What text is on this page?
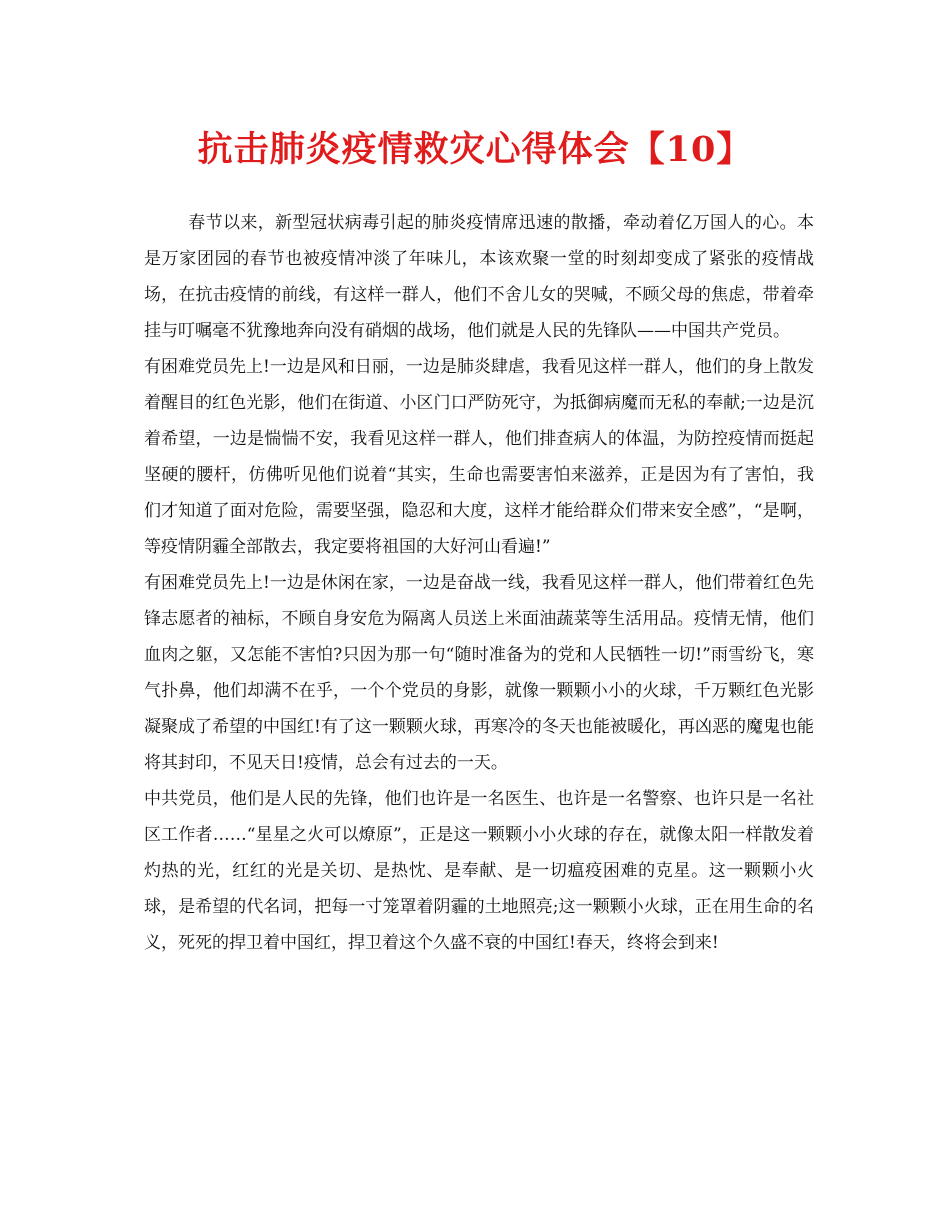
抗击肺炎疫情救灾心得体会【10】

春节以来，新型冠状病毒引起的肺炎疫情席迅速的散播，牵动着亿万国人的心。本是万家团园的春节也被疫情冲淡了年味儿，本该欢聚一堂的时刻却变成了紧张的疫情战场，在抗击疫情的前线，有这样一群人，他们不舍儿女的哭喊，不顾父母的焦虑，带着牵挂与叮嘱毫不犹豫地奔向没有硝烟的战场，他们就是人民的先锋队——中国共产党员。

有困难党员先上!一边是风和日丽，一边是肺炎肆虐，我看见这样一群人，他们的身上散发着醒目的红色光影，他们在街道、小区门口严防死守，为抵御病魔而无私的奉献;一边是沉着希望，一边是惴惴不安，我看见这样一群人，他们排查病人的体温，为防控疫情而挺起坚硬的腰杆，仿佛听见他们说着“其实，生命也需要害怕来滋养，正是因为有了害怕，我们才知道了面对危险，需要坚强，隐忍和大度，这样才能给群众们带来安全感”，“是啊，等疫情阴霾全部散去，我定要将祖国的大好河山看遍!”

有困难党员先上!一边是休闲在家，一边是奋战一线，我看见这样一群人，他们带着红色先锋志愿者的袖标，不顾自身安危为隔离人员送上米面油蔬菜等生活用品。疫情无情，他们血肉之躯，又怎能不害怕?只因为那一句“随时准备为的党和人民牺牲一切!”雨雪纷飞，寒气扑鼻，他们却满不在乎，一个个党员的身影，就像一颗颗小小的火球，千万颗红色光影凝聚成了希望的中国红!有了这一颗颗火球，再寒冷的冬天也能被暖化，再凶恶的魔鬼也能将其封印，不见天日!疫情，总会有过去的一天。

中共党员，他们是人民的先锋，他们也许是一名医生、也许是一名警察、也许只是一名社区工作者……“星星之火可以燎原”，正是这一颗颗小小火球的存在，就像太阳一样散发着灼热的光，红红的光是关切、是热忱、是奉献、是一切瘟疫困难的克星。这一颗颗小火球，是希望的代名词，把每一寸笼罩着阴霾的土地照亮;这一颗颗小火球，正在用生命的名义，死死的捍卫着中国红，捍卫着这个久盛不衰的中国红!春天，终将会到来!
